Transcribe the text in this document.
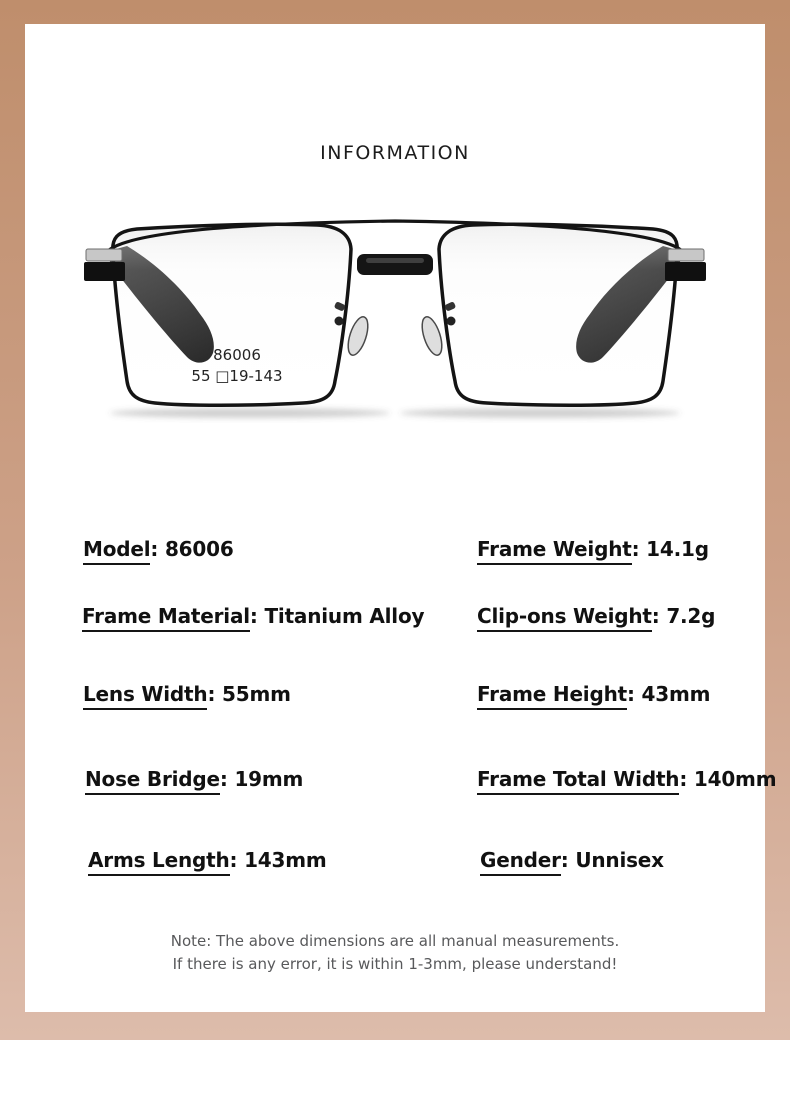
INFORMATION
86006
55 □19-143
Model: 86006
Frame Material: Titanium Alloy
Lens Width: 55mm
Nose Bridge: 19mm
Arms Length: 143mm
Frame Weight: 14.1g
Clip-ons Weight: 7.2g
Frame Height: 43mm
Frame Total Width: 140mm
Gender: Unnisex
Note: The above dimensions are all manual measurements.
If there is any error, it is within 1-3mm, please understand!
